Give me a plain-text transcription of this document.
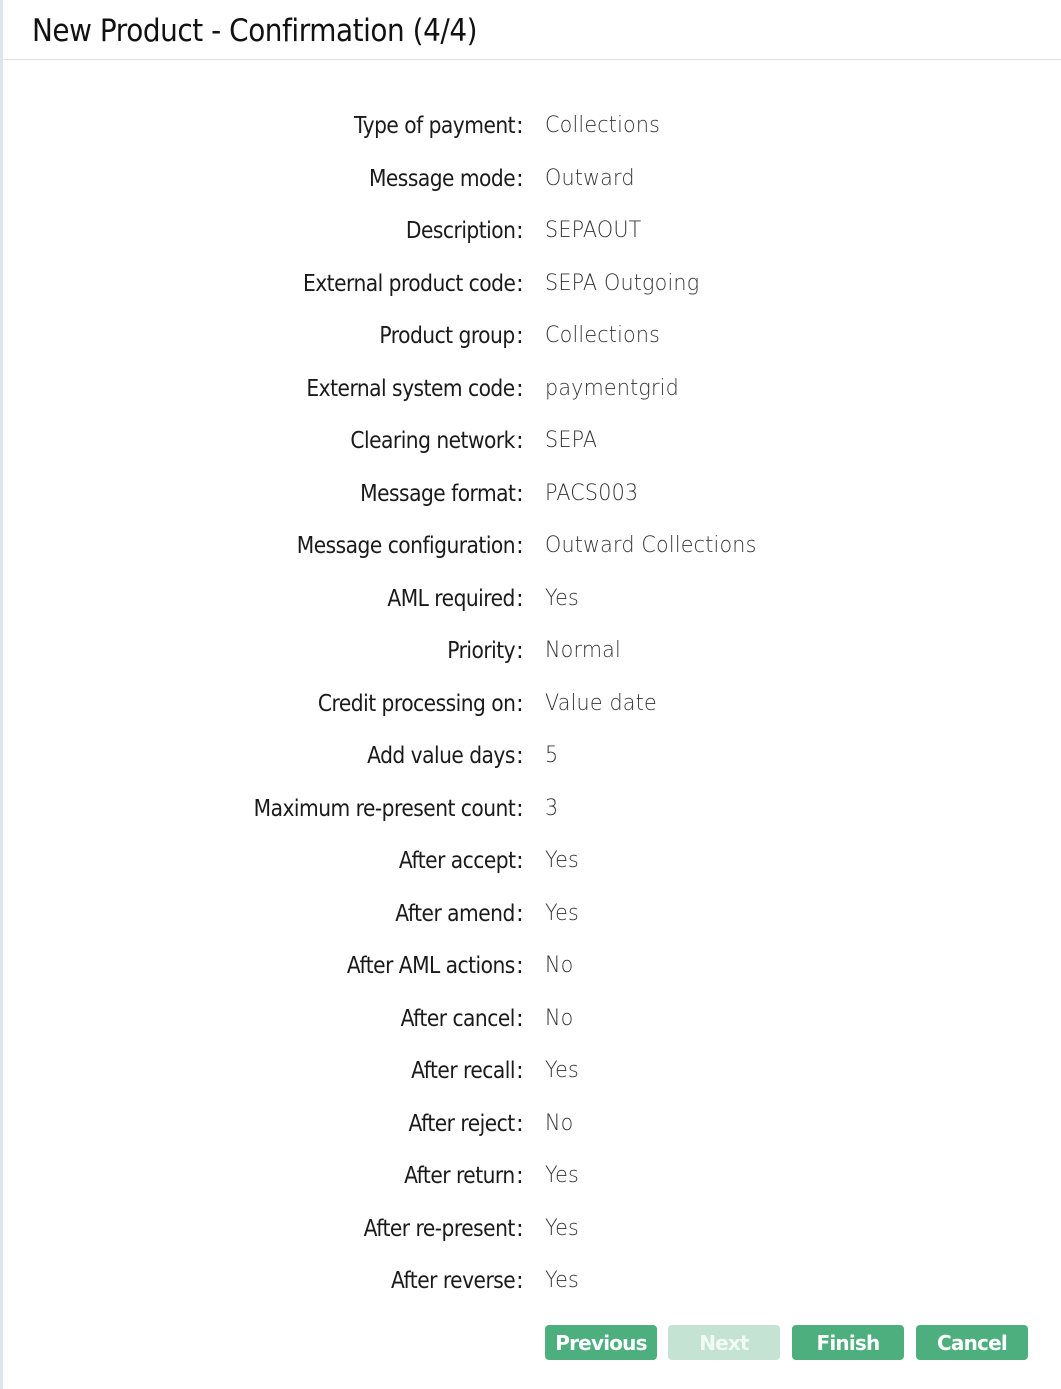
New Product - Confirmation (4/4)
Type of payment : Collections
Message mode : Outward
Description : SEPAOUT
External product code : SEPA Outgoing
Product group : Collections
External system code : paymentgrid
Clearing network : SEPA
Message format : PACS003
Message configuration : Outward Collections
AML required : Yes
Priority : Normal
Credit processing on : Value date
Add value days : 5
Maximum re-present count : 3
After accept : Yes
After amend : Yes
After AML actions : No
After cancel : No
After recall : Yes
After reject : No
After return : Yes
After re-present : Yes
After reverse : Yes
Previous	Next	Finish	Cancel
